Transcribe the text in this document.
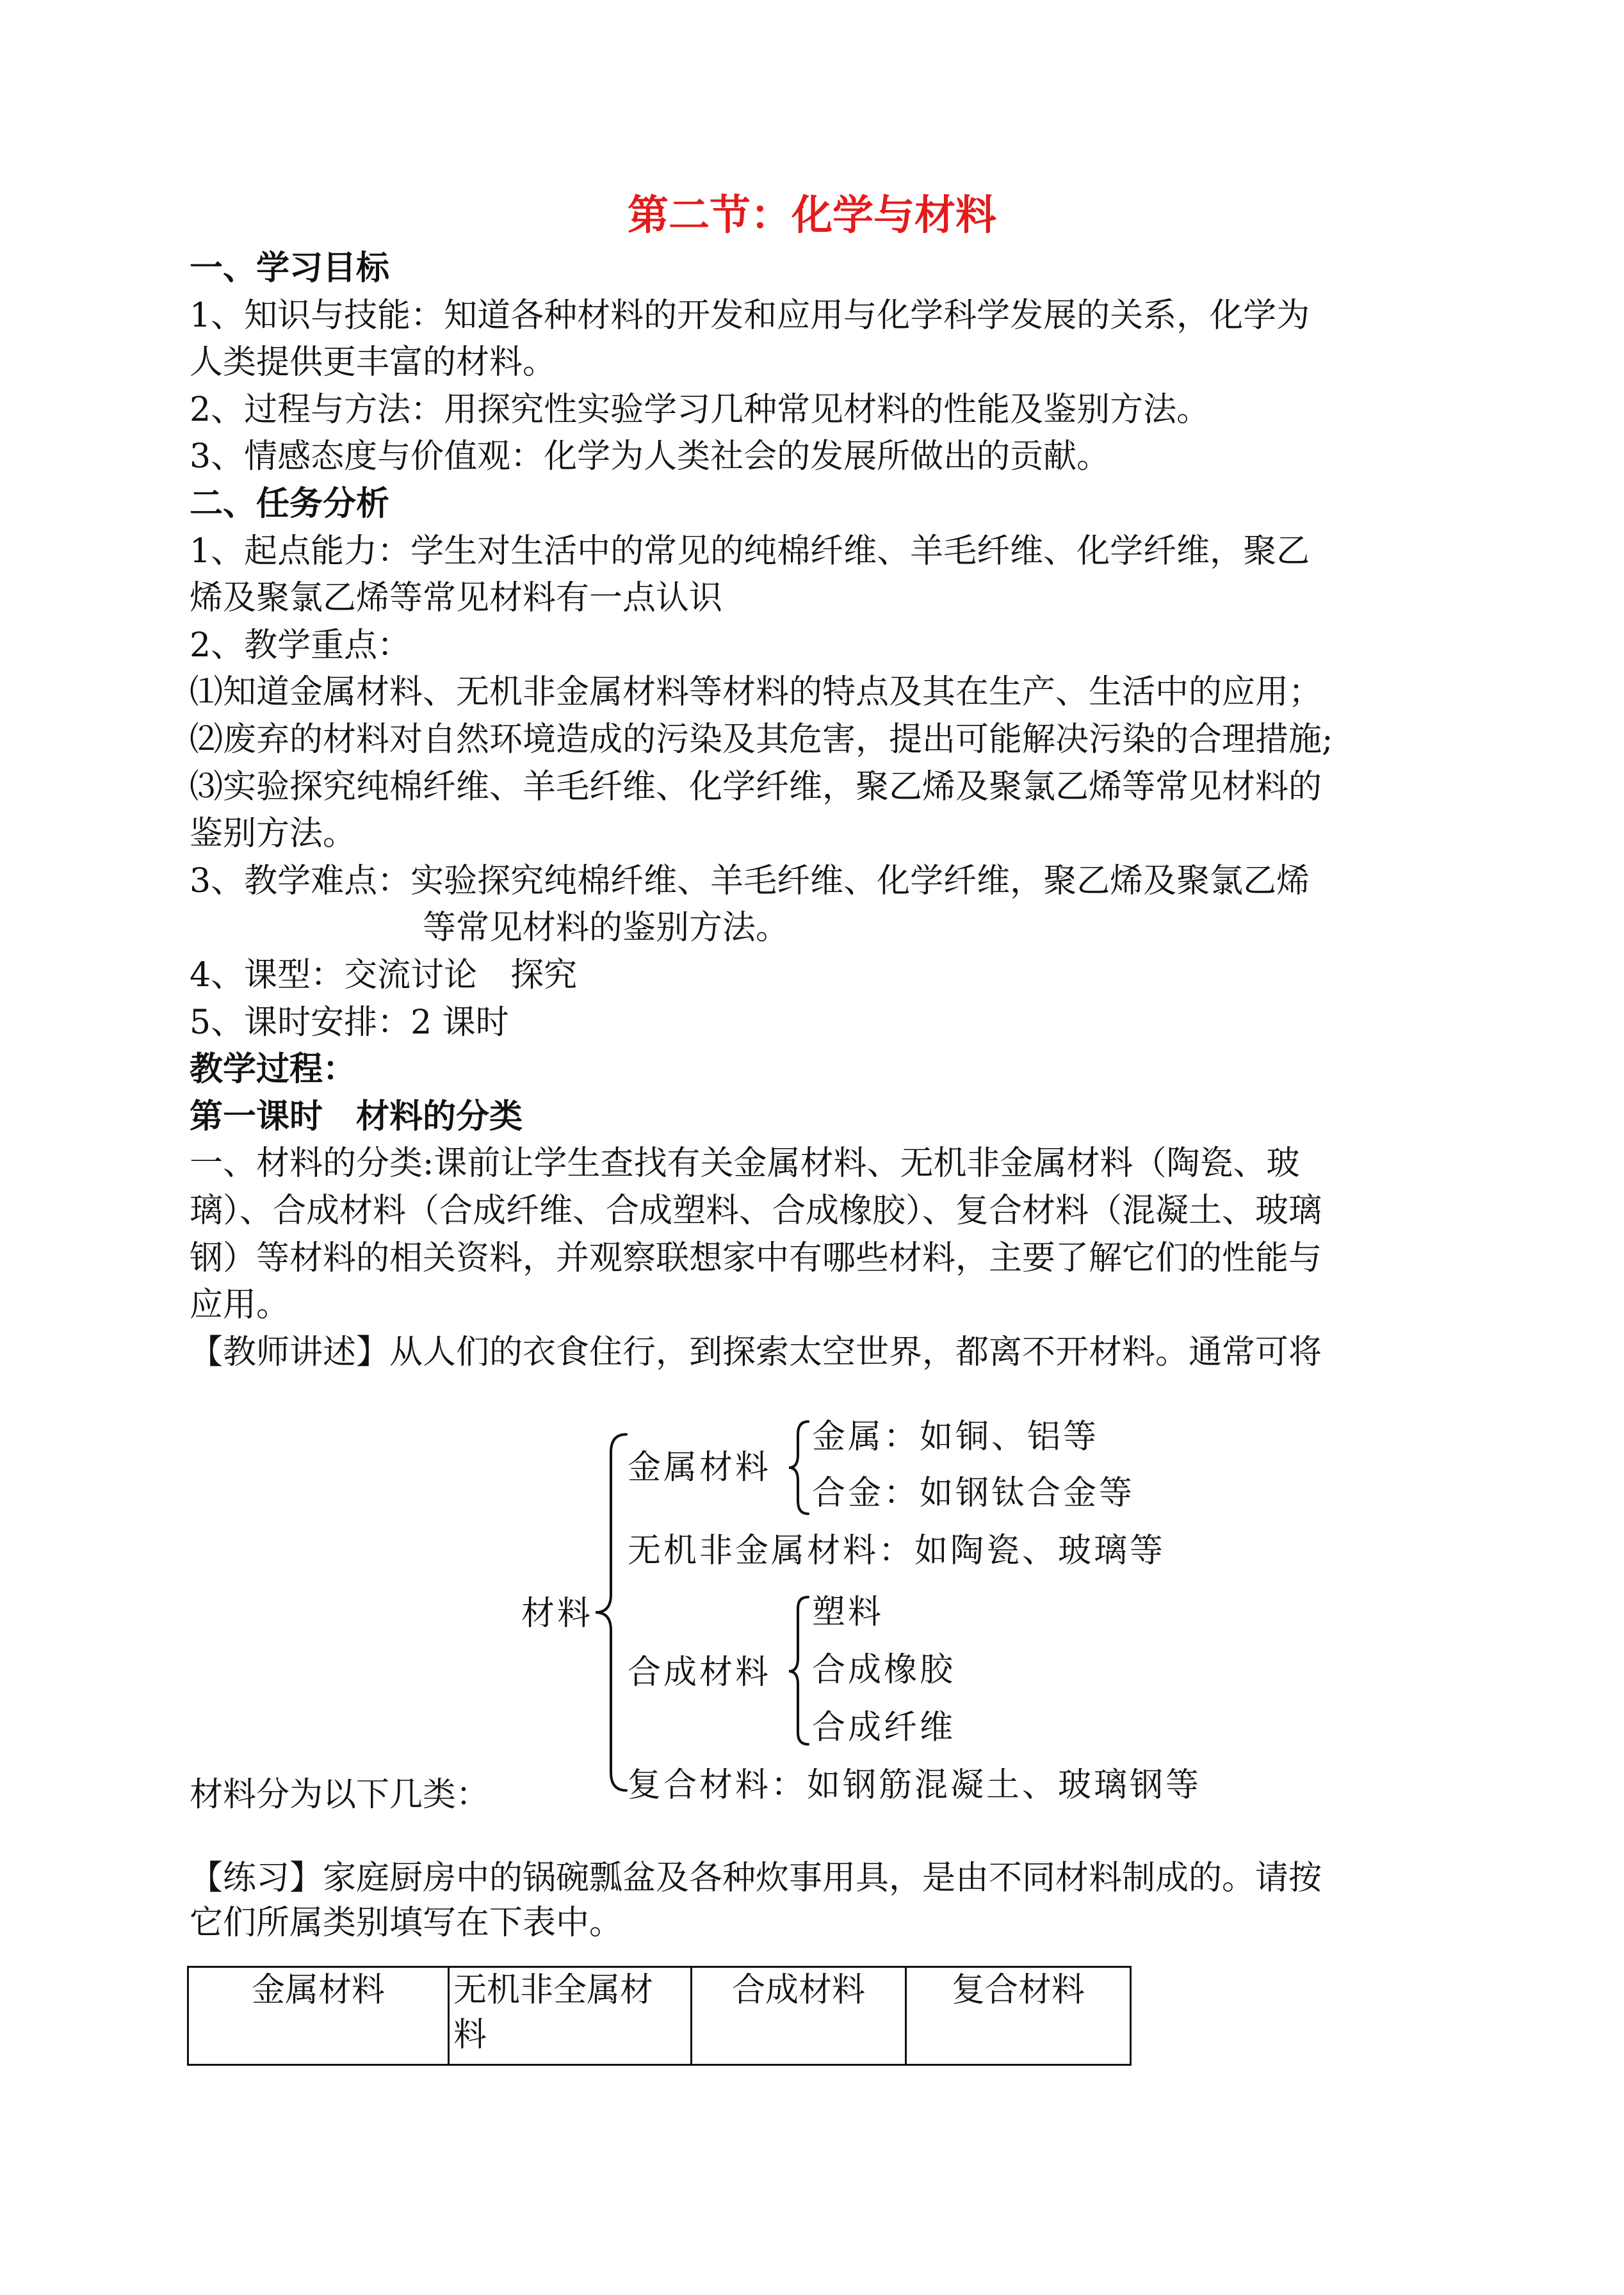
第二节：化学与材料
一、学习目标
1、知识与技能：知道各种材料的开发和应用与化学科学发展的关系，化学为
人类提供更丰富的材料。
2、过程与方法：用探究性实验学习几种常见材料的性能及鉴别方法。
3、情感态度与价值观：化学为人类社会的发展所做出的贡献。
二、任务分析
1、起点能力：学生对生活中的常见的纯棉纤维、羊毛纤维、化学纤维，聚乙
烯及聚氯乙烯等常见材料有一点认识
2、教学重点：
⑴知道金属材料、无机非金属材料等材料的特点及其在生产、生活中的应用；
⑵废弃的材料对自然环境造成的污染及其危害，提出可能解决污染的合理措施;
⑶实验探究纯棉纤维、羊毛纤维、化学纤维，聚乙烯及聚氯乙烯等常见材料的
鉴别方法。
3、教学难点：实验探究纯棉纤维、羊毛纤维、化学纤维，聚乙烯及聚氯乙烯
等常见材料的鉴别方法。
4、课型：交流讨论　探究
5、课时安排：2 课时
教学过程：
第一课时　材料的分类
一、材料的分类:课前让学生查找有关金属材料、无机非金属材料（陶瓷、玻
璃）、合成材料（合成纤维、合成塑料、合成橡胶）、复合材料（混凝土、玻璃
钢）等材料的相关资料，并观察联想家中有哪些材料，主要了解它们的性能与
应用。
【教师讲述】从人们的衣食住行，到探索太空世界，都离不开材料。通常可将
材料
金属材料
金属：如铜、铝等
合金：如钢钛合金等
无机非金属材料：如陶瓷、玻璃等
合成材料
塑料
合成橡胶
合成纤维
复合材料：如钢筋混凝土、玻璃钢等
材料分为以下几类：
【练习】家庭厨房中的锅碗瓢盆及各种炊事用具，是由不同材料制成的。请按
它们所属类别填写在下表中。
金属材料	无机非全属材
料	合成材料	复合材料
